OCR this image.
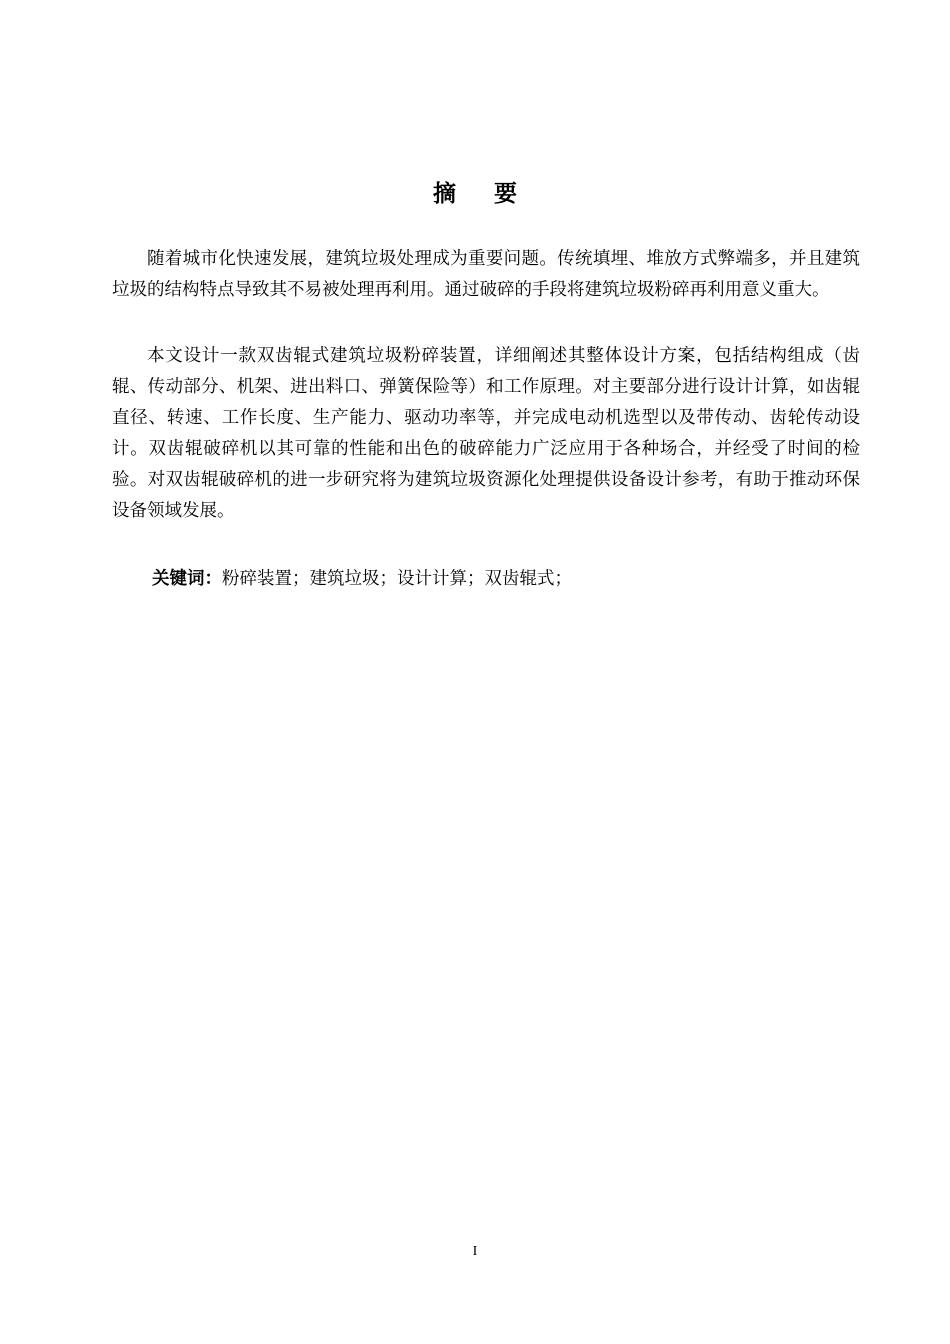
摘要

随着城市化快速发展，建筑垃圾处理成为重要问题。传统填埋、堆放方式弊端多，并且建筑垃圾的结构特点导致其不易被处理再利用。通过破碎的手段将建筑垃圾粉碎再利用意义重大。

本文设计一款双齿辊式建筑垃圾粉碎装置，详细阐述其整体设计方案，包括结构组成（齿辊、传动部分、机架、进出料口、弹簧保险等）和工作原理。对主要部分进行设计计算，如齿辊直径、转速、工作长度、生产能力、驱动功率等，并完成电动机选型以及带传动、齿轮传动设计。双齿辊破碎机以其可靠的性能和出色的破碎能力广泛应用于各种场合，并经受了时间的检验。对双齿辊破碎机的进一步研究将为建筑垃圾资源化处理提供设备设计参考，有助于推动环保设备领域发展。

关键词：粉碎装置；建筑垃圾；设计计算；双齿辊式；
I
